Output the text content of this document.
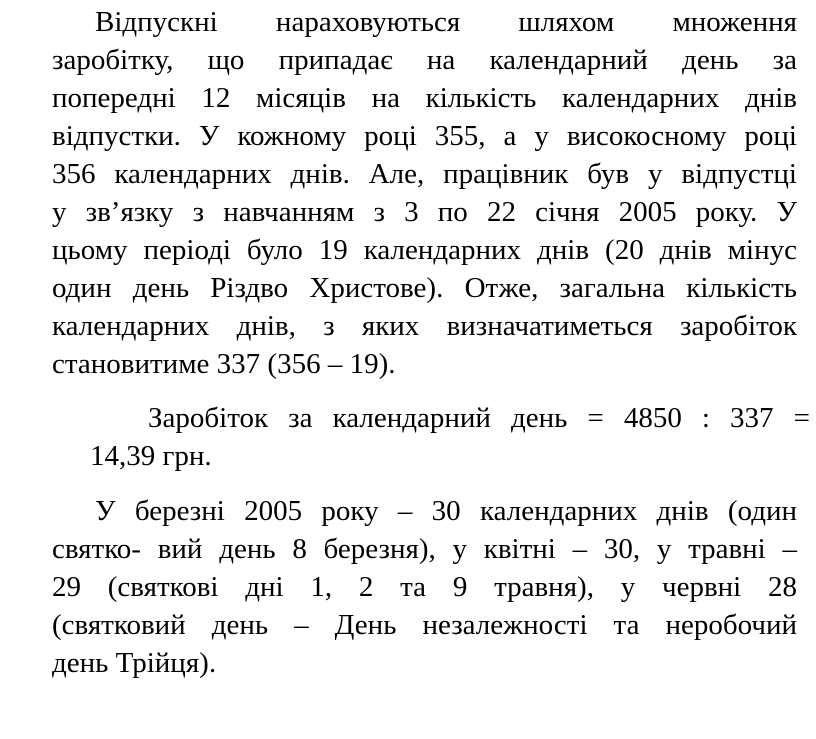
Відпускні нараховуються шляхом множення
заробітку, що припадає на календарний день за
попередні 12 місяців на кількість календарних днів
відпустки. У кожному році 355, а у високосному році
356 календарних днів. Але, працівник був у відпустці
у зв’язку з навчанням з 3 по 22 січня 2005 року. У
цьому періоді було 19 календарних днів (20 днів мінус
один день Різдво Христове). Отже, загальна кількість
календарних днів, з яких визначатиметься заробіток
становитиме 337 (356 – 19).
Заробіток за календарний день = 4850 : 337 =
14,39 грн.
У березні 2005 року – 30 календарних днів (один
святко- вий день 8 березня), у квітні – 30, у травні –
29 (святкові дні 1, 2 та 9 травня), у червні 28
(святковий день – День незалежності та неробочий
день Трійця).
